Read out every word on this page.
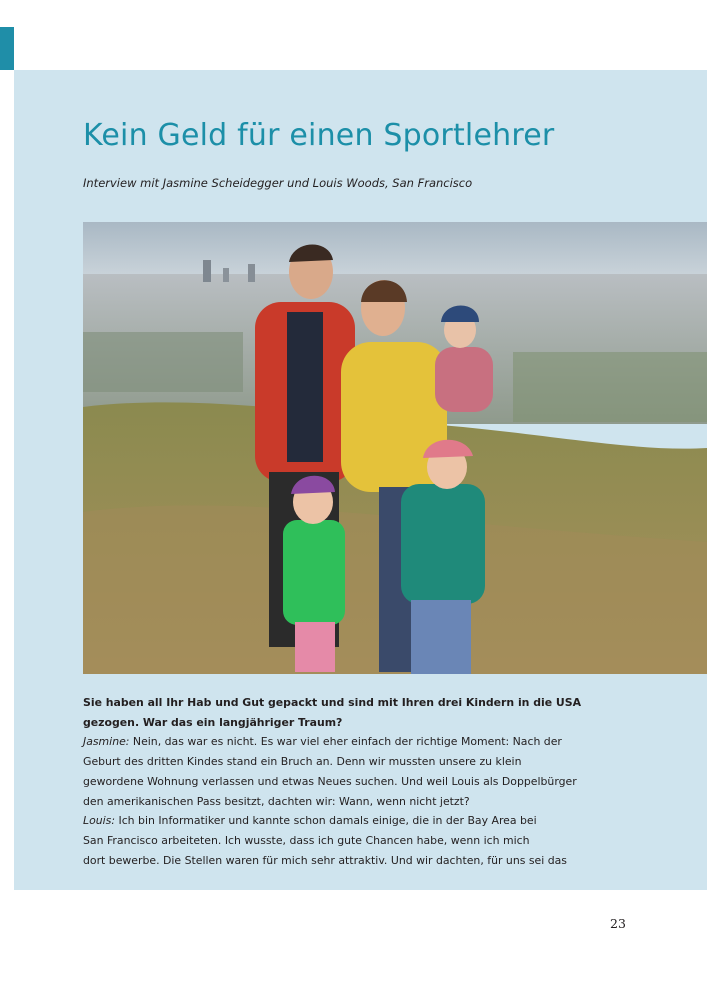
Kein Geld für einen Sportlehrer

Interview mit Jasmine Scheidegger und Louis Woods, San Francisco

Sie haben all Ihr Hab und Gut gepackt und sind mit Ihren drei Kindern in die USA

gezogen. War das ein langjähriger Traum?

Jasmine: Nein, das war es nicht. Es war viel eher einfach der richtige Moment: Nach der

Geburt des dritten Kindes stand ein Bruch an. Denn wir mussten unsere zu klein

gewordene Wohnung verlassen und etwas Neues suchen. Und weil Louis als Doppelbürger

den amerikanischen Pass besitzt, dachten wir: Wann, wenn nicht jetzt?

Louis: Ich bin Informatiker und kannte schon damals einige, die in der Bay Area bei

San Francisco arbeiteten. Ich wusste, dass ich gute Chancen habe, wenn ich mich

dort bewerbe. Die Stellen waren für mich sehr attraktiv. Und wir dachten, für uns sei das

23
